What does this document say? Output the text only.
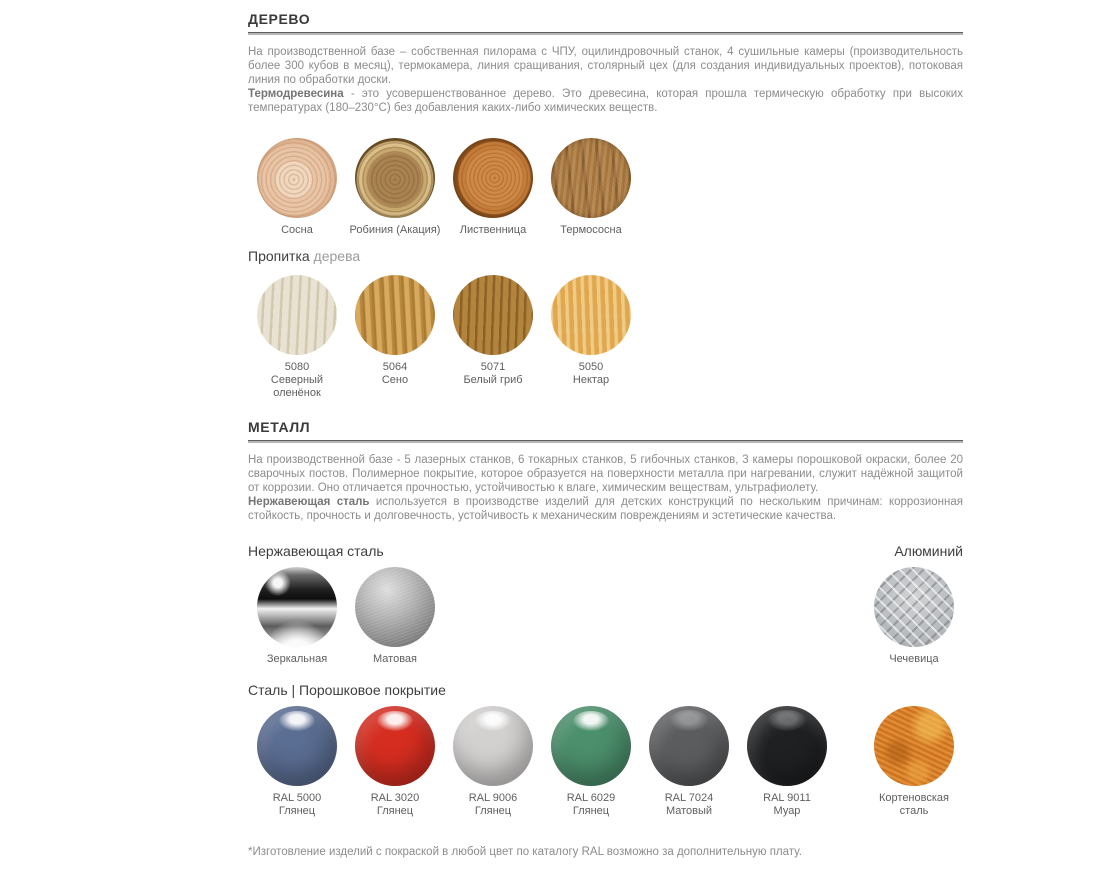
ДЕРЕВО

На производственной базе – собственная пилорама с ЧПУ, оцилиндровочный станок, 4 сушильные камеры (производительность более 300 кубов в месяц), термокамера, линия сращивания, столярный цех (для создания индивидуальных проектов), потоковая линия по обработки доски.

Термодревесина - это усовершенствованное дерево. Это древесина, которая прошла термическую обработку при высоких температурах (180–230°C) без добавления каких-либо химических веществ.

Сосна	Робиния (Акация) Лиственница	Термососна
Пропитка дерева
5080
Северный оленёнок
5064
Сено
5071
Белый гриб
5050
Нектар
МЕТАЛЛ

На производственной базе - 5 лазерных станков, 6 токарных станков, 5 гибочных станков, 3 камеры порошковой окраски, более 20 сварочных постов. Полимерное покрытие, которое образуется на поверхности металла при нагревании, служит надёжной защитой от коррозии. Оно отличается прочностью, устойчивостью к влаге, химическим веществам, ультрафиолету.

Нержавеющая сталь используется в производстве изделий для детских конструкций по нескольким причинам: коррозионная стойкость, прочность и долговечность, устойчивость к механическим повреждениям и эстетические качества.

Нержавеющая сталь	Алюминий
Зеркальная	Матовая	Чечевица
Сталь | Порошковое покрытие
RAL 5000
Глянец
RAL 3020
Глянец
RAL 9006
Глянец
RAL 6029
Глянец
RAL 7024
Матовый
RAL 9011
Муар
Кортеновская сталь
*Изготовление изделий с покраской в любой цвет по каталогу RAL возможно за дополнительную плату.
